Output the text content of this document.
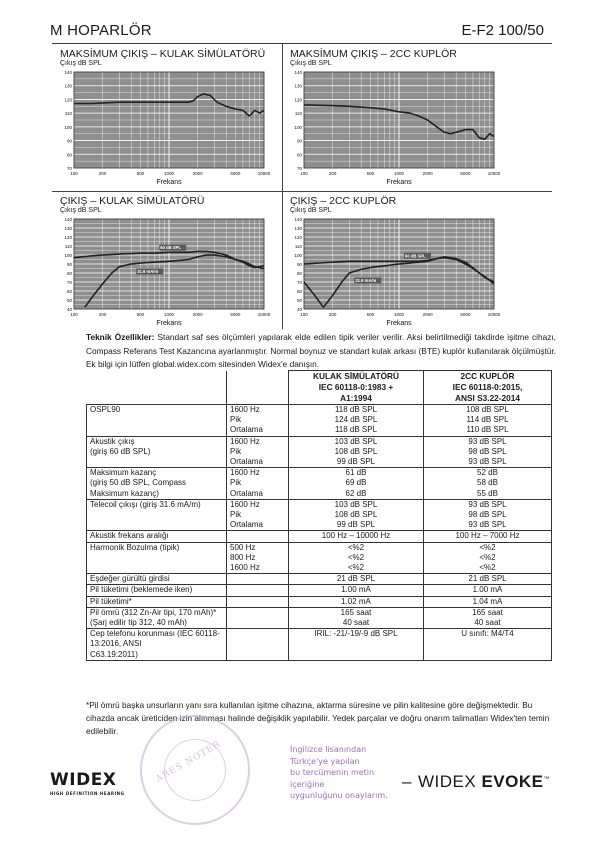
M HOPARLÖR	E-F2 100/50
MAKSİMUM ÇIKIŞ – KULAK SİMÜLATÖRÜ
Çıkış dB SPL
70
80
90
100
110
120
130
140
100	200	500	1000	2000	5000	10000
Frekans
MAKSİMUM ÇIKIŞ – 2CC KUPLÖR
Çıkış dB SPL
70
80
90
100
110
120
130
140
100	200	500	1000	2000	5000	10000
Frekans
ÇIKIŞ – KULAK SİMÜLATÖRÜ
Çıkış dB SPL
40
50
60
70
80
90
100
110
120
130
140
100	200	500	1000	2000	5000	10000
Frekans
60 dB SPL
31.6 mA/m
ÇIKIŞ – 2CC KUPLÖR
Çıkış dB SPL
40
50
60
70
80
90
100
110
120
130
140
100	200	500	1000	2000	5000	10000
Frekans
60 dB SPL
31.6 mA/m
Teknik Özellikler: Standart saf ses ölçümleri yapılarak elde edilen tipik veriler verilir. Aksi belirtilmediği takdirde işitme cihazı, Compass Referans Test Kazancına ayarlanmıştır. Normal boynuz ve standart kulak arkası (BTE) kuplör kullanılarak ölçülmüştür. Ek bilgi için lütfen global.widex.com sitesinden Widex'e danışın.

		KULAK SİMÜLATÖRÜ
IEC 60118-0:1983 +
A1:1994	2CC KUPLÖR
IEC 60118-0:2015,
ANSI S3.22-2014

OSPL90	1600 Hz
Pik
Ortalama	118 dB SPL
124 dB SPL
118 dB SPL	108 dB SPL
114 dB SPL
110 dB SPL

Akustik çıkış
(giriş 60 dB SPL)	1600 Hz
Pik
Ortalama	103 dB SPL
108 dB SPL
99 dB SPL	93 dB SPL
98 dB SPL
93 dB SPL

Maksimum kazanç
(giriş 50 dB SPL, Compass
Maksimum kazanç)	1600 Hz
Pik
Ortalama	61 dB
69 dB
62 dB	52 dB
58 dB
55 dB

Telecoil çıkışı (giriş 31.6 mA/m)	1600 Hz
Pik
Ortalama	103 dB SPL
108 dB SPL
99 dB SPL	93 dB SPL
98 dB SPL
93 dB SPL

Akustik frekans aralığı		100 Hz – 10000 Hz	100 Hz – 7000 Hz

Harmonik Bozulma (tipik)	500 Hz
800 Hz
1600 Hz	<%2
<%2
<%2	<%2
<%2
<%2

Eşdeğer gürültü girdisi		21 dB SPL	21 dB SPL

Pil tüketimi (beklemede iken)		1.00 mA	1.00 mA

Pil tüketimi*		1.02 mA	1.04 mA

Pil ömrü (312 Zn-Air tipi, 170 mAh)*
(Şarj edilir tip 312, 40 mAh)		165 saat
40 saat	165 saat
40 saat

Cep telefonu korunması (IEC 60118-13:2016, ANSI
C63.19:2011)		IRIL: -21/-19/-9 dB SPL	U sınıfı: M4/T4
*Pil ömrü başka unsurların yanı sıra kullanılan işitme cihazına, aktarma süresine ve pilin kalitesine göre değişmektedir. Bu cihazda ancak üreticiden izin alınması halinde değişiklik yapılabilir. Yedek parçalar ve doğru onarım talimatları Widex'ten temin edilebilir.
ARES NOTER	İngilizce lisanından
Türkçe'ye yapılan
bu tercümenin metin içeriğine
uygunluğunu onaylarım.
WIDEX
HIGH DEFINITION HEARING
– WIDEX EVOKE™
